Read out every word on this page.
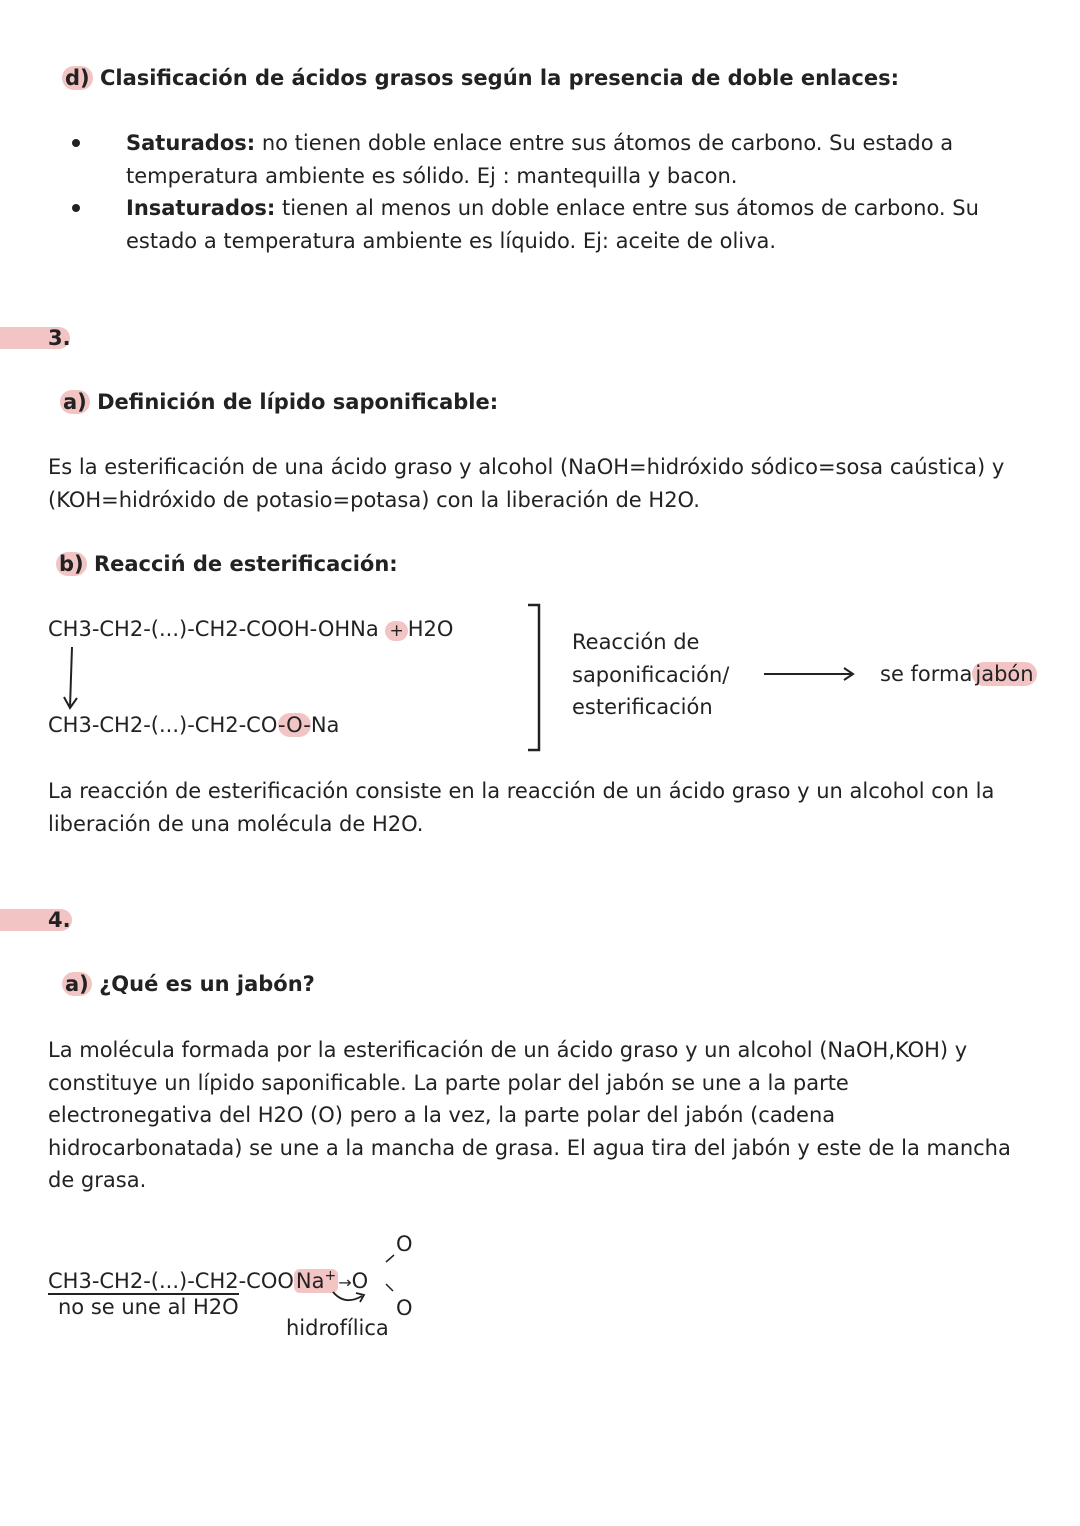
d) Clasificación de ácidos grasos según la presencia de doble enlaces:
Saturados: no tienen doble enlace entre sus átomos de carbono. Su estado a
temperatura ambiente es sólido. Ej : mantequilla y bacon.
Insaturados: tienen al menos un doble enlace entre sus átomos de carbono. Su
estado a temperatura ambiente es líquido. Ej: aceite de oliva.
3.
a) Definición de lípido saponificable:
Es la esterificación de una ácido graso y alcohol (NaOH=hidróxido sódico=sosa caústica) y
(KOH=hidróxido de potasio=potasa) con la liberación de H2O.
b) Reacciń de esterificación:
CH3-CH2-(...)-CH2-COOH-OHNa + H2O
CH3-CH2-(...)-CH2-CO-O-Na
Reacción de
saponificación/
esterificación
se forma jabón
La reacción de esterificación consiste en la reacción de un ácido graso y un alcohol con la
liberación de una molécula de H2O.
4.
a) ¿Qué es un jabón?
La molécula formada por la esterificación de un ácido graso y un alcohol (NaOH,KOH) y
constituye un lípido saponificable. La parte polar del jabón se une a la parte
electronegativa del H2O (O) pero a la vez, la parte polar del jabón (cadena
hidrocarbonatada) se une a la mancha de grasa. El agua tira del jabón y este de la mancha
de grasa.
CH3-CH2-(...)-CH2-COONa+ →O
O
O
no se une al H2O
hidrofílica
